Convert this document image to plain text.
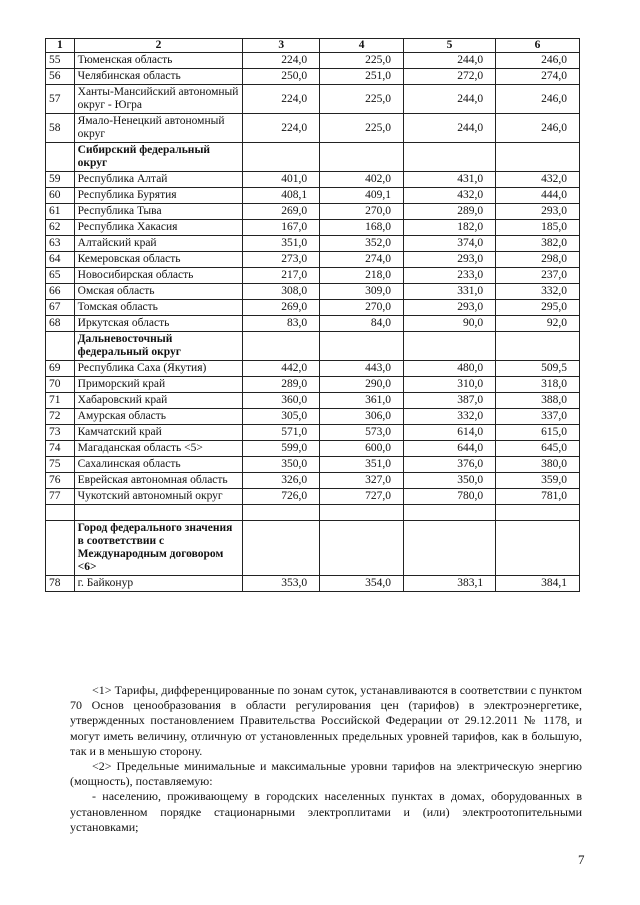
1	2	3	4	5	6
55	Тюменская область	224,0	225,0	244,0	246,0
56	Челябинская область	250,0	251,0	272,0	274,0
57	Ханты-Мансийский автономный округ - Югра	224,0	225,0	244,0	246,0
58	Ямало-Ненецкий автономный округ	224,0	225,0	244,0	246,0
	Сибирский федеральный округ				
59	Республика Алтай	401,0	402,0	431,0	432,0
60	Республика Бурятия	408,1	409,1	432,0	444,0
61	Республика Тыва	269,0	270,0	289,0	293,0
62	Республика Хакасия	167,0	168,0	182,0	185,0
63	Алтайский край	351,0	352,0	374,0	382,0
64	Кемеровская область	273,0	274,0	293,0	298,0
65	Новосибирская область	217,0	218,0	233,0	237,0
66	Омская область	308,0	309,0	331,0	332,0
67	Томская область	269,0	270,0	293,0	295,0
68	Иркутская область	83,0	84,0	90,0	92,0
	Дальневосточный федеральный округ				
69	Республика Саха (Якутия)	442,0	443,0	480,0	509,5
70	Приморский край	289,0	290,0	310,0	318,0
71	Хабаровский край	360,0	361,0	387,0	388,0
72	Амурская область	305,0	306,0	332,0	337,0
73	Камчатский край	571,0	573,0	614,0	615,0
74	Магаданская область <5>	599,0	600,0	644,0	645,0
75	Сахалинская область	350,0	351,0	376,0	380,0
76	Еврейская автономная область	326,0	327,0	350,0	359,0
77	Чукотский автономный округ	726,0	727,0	780,0	781,0

	Город федерального значения в соответствии с Международным договором <6>				
78	г. Байконур	353,0	354,0	383,1	384,1

<1> Тарифы, дифференцированные по зонам суток, устанавливаются в соответствии с пунктом 70 Основ ценообразования в области регулирования цен (тарифов) в электроэнергетике, утвержденных постановлением Правительства Российской Федерации от 29.12.2011 № 1178, и могут иметь величину, отличную от установленных предельных уровней тарифов, как в большую, так и в меньшую сторону.

<2> Предельные минимальные и максимальные уровни тарифов на электрическую энергию (мощность), поставляемую:

- населению, проживающему в городских населенных пунктах в домах, оборудованных в установленном порядке стационарными электроплитами и (или) электроотопительными установками;

7
